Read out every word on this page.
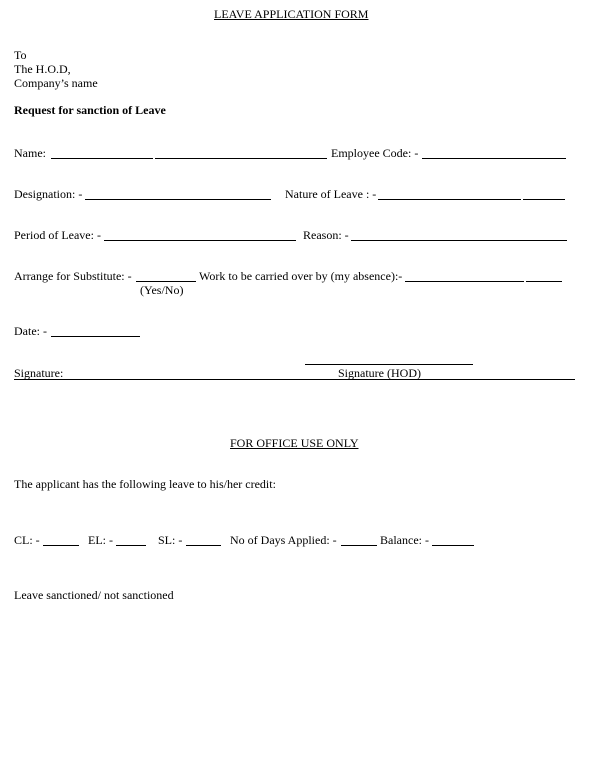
LEAVE APPLICATION FORM
To
The H.O.D,
Company’s name
Request for sanction of Leave
Name:	Employee Code: -
Designation: -	Nature of Leave : -
Period of Leave: -	Reason: -
Arrange for Substitute: -	Work to be carried over by (my absence):-
(Yes/No)
Date: -
Signature:	Signature (HOD)
FOR OFFICE USE ONLY
The applicant has the following leave to his/her credit:
CL: -	EL: -	SL: -	No of Days Applied: -	Balance: -
Leave sanctioned/ not sanctioned
